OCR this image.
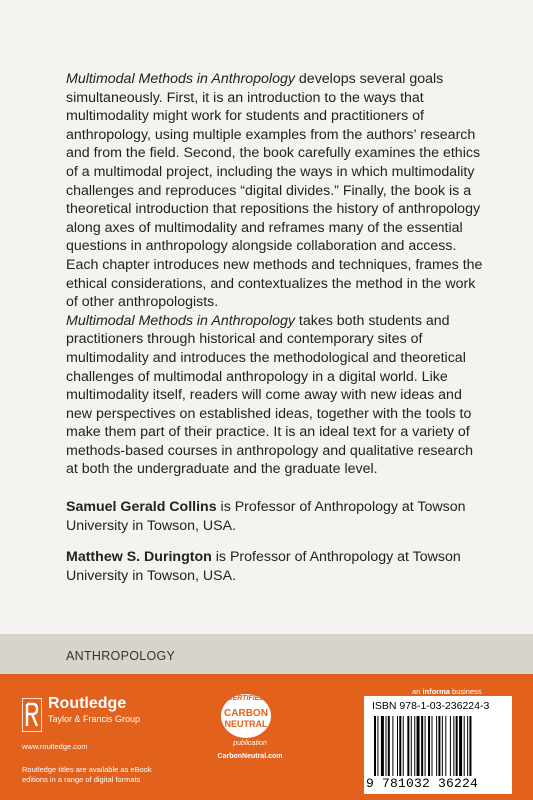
Multimodal Methods in Anthropology develops several goals simultaneously. First, it is an introduction to the ways that multimodality might work for students and practitioners of anthropology, using multiple examples from the authors’ research and from the field. Second, the book carefully examines the ethics of a multimodal project, including the ways in which multimodality challenges and reproduces “digital divides.” Finally, the book is a theoretical introduction that repositions the history of anthropology along axes of multimodality and reframes many of the essential questions in anthropology alongside collaboration and access. Each chapter introduces new methods and techniques, frames the ethical considerations, and contextualizes the method in the work of other anthropologists.

Multimodal Methods in Anthropology takes both students and practitioners through historical and contemporary sites of multimodality and introduces the methodological and theoretical challenges of multimodal anthropology in a digital world. Like multimodality itself, readers will come away with new ideas and new perspectives on established ideas, together with the tools to make them part of their practice. It is an ideal text for a variety of methods-based courses in anthropology and qualitative research at both the undergraduate and the graduate level.

Samuel Gerald Collins is Professor of Anthropology at Towson University in Towson, USA.

Matthew S. Durington is Professor of Anthropology at Towson University in Towson, USA.

ANTHROPOLOGY
Routledge
Taylor & Francis Group
www.routledge.com
Routledge titles are available as eBook editions in a range of digital formats
CERTIFIED
CARBON
NEUTRAL
publication
CarbonNeutral.com
an informa business
ISBN 978-1-03-236224-3
9 781032 36224
